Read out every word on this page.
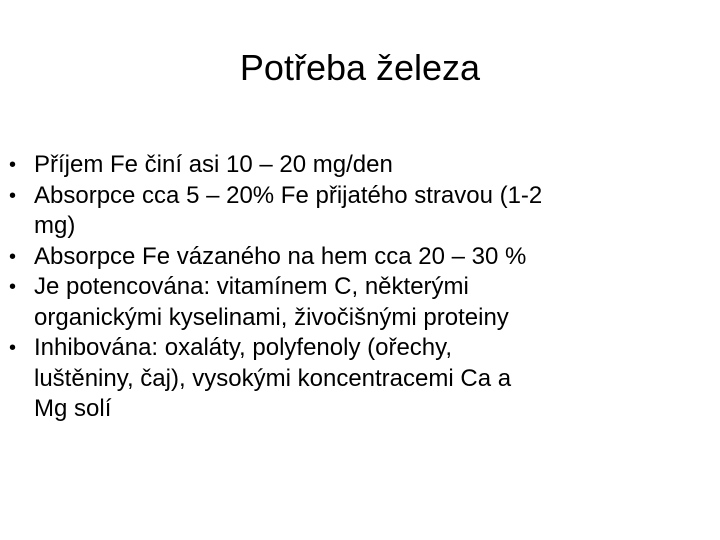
Potřeba železa
• Příjem Fe činí asi 10 – 20 mg/den
• Absorpce cca 5 – 20% Fe přijatého stravou (1-2
mg)
• Absorpce Fe vázaného na hem cca 20 – 30 %
• Je potencována: vitamínem C, některými
organickými kyselinami, živočišnými proteiny
• Inhibována: oxaláty, polyfenoly (ořechy,
luštěniny, čaj), vysokými koncentracemi Ca a
Mg solí
